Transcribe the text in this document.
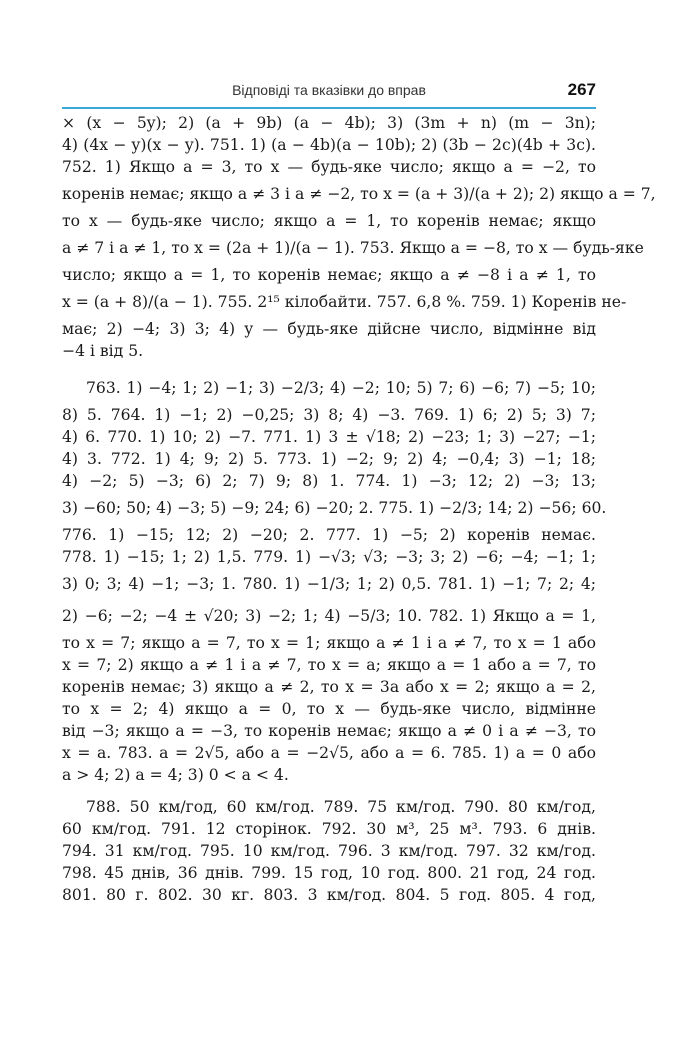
Відповіді та вказівки до вправ	267
× (x − 5y); 2) (a + 9b) (a − 4b); 3) (3m + n) (m − 3n);
4) (4x − y)(x − y). 751. 1) (a − 4b)(a − 10b); 2) (3b − 2c)(4b + 3c).
752. 1) Якщо a = 3, то x — будь-яке число; якщо a = −2, то
коренів немає; якщо a ≠ 3 і a ≠ −2, то x = (a + 3)/(a + 2); 2) якщо a = 7,
то x — будь-яке число; якщо a = 1, то коренів немає; якщо
a ≠ 7 і a ≠ 1, то x = (2a + 1)/(a − 1). 753. Якщо a = −8, то x — будь-яке
число; якщо a = 1, то коренів немає; якщо a ≠ −8 і a ≠ 1, то
x = (a + 8)/(a − 1). 755. 2¹⁵ кілобайти. 757. 6,8 %. 759. 1) Коренів не-
має; 2) −4; 3) 3; 4) y — будь-яке дійсне число, відмінне від
−4 і від 5.
763. 1) −4; 1; 2) −1; 3) −2/3; 4) −2; 10; 5) 7; 6) −6; 7) −5; 10;
8) 5. 764. 1) −1; 2) −0,25; 3) 8; 4) −3. 769. 1) 6; 2) 5; 3) 7;
4) 6. 770. 1) 10; 2) −7. 771. 1) 3 ± √18; 2) −23; 1; 3) −27; −1;
4) 3. 772. 1) 4; 9; 2) 5. 773. 1) −2; 9; 2) 4; −0,4; 3) −1; 18;
4) −2; 5) −3; 6) 2; 7) 9; 8) 1. 774. 1) −3; 12; 2) −3; 13;
3) −60; 50; 4) −3; 5) −9; 24; 6) −20; 2. 775. 1) −2/3; 14; 2) −56; 60.
776. 1) −15; 12; 2) −20; 2. 777. 1) −5; 2) коренів немає.
778. 1) −15; 1; 2) 1,5. 779. 1) −√3; √3; −3; 3; 2) −6; −4; −1; 1;
3) 0; 3; 4) −1; −3; 1. 780. 1) −1/3; 1; 2) 0,5. 781. 1) −1; 7; 2; 4;
2) −6; −2; −4 ± √20; 3) −2; 1; 4) −5/3; 10. 782. 1) Якщо a = 1,
то x = 7; якщо a = 7, то x = 1; якщо a ≠ 1 і a ≠ 7, то x = 1 або
x = 7; 2) якщо a ≠ 1 і a ≠ 7, то x = a; якщо a = 1 або a = 7, то
коренів немає; 3) якщо a ≠ 2, то x = 3a або x = 2; якщо a = 2,
то x = 2; 4) якщо a = 0, то x — будь-яке число, відмінне
від −3; якщо a = −3, то коренів немає; якщо a ≠ 0 і a ≠ −3, то
x = a. 783. a = 2√5, або a = −2√5, або a = 6. 785. 1) a = 0 або
a > 4; 2) a = 4; 3) 0 < a < 4.
788. 50 км/год, 60 км/год. 789. 75 км/год. 790. 80 км/год,
60 км/год. 791. 12 сторінок. 792. 30 м³, 25 м³. 793. 6 днів.
794. 31 км/год. 795. 10 км/год. 796. 3 км/год. 797. 32 км/год.
798. 45 днів, 36 днів. 799. 15 год, 10 год. 800. 21 год, 24 год.
801. 80 г. 802. 30 кг. 803. 3 км/год. 804. 5 год. 805. 4 год,
